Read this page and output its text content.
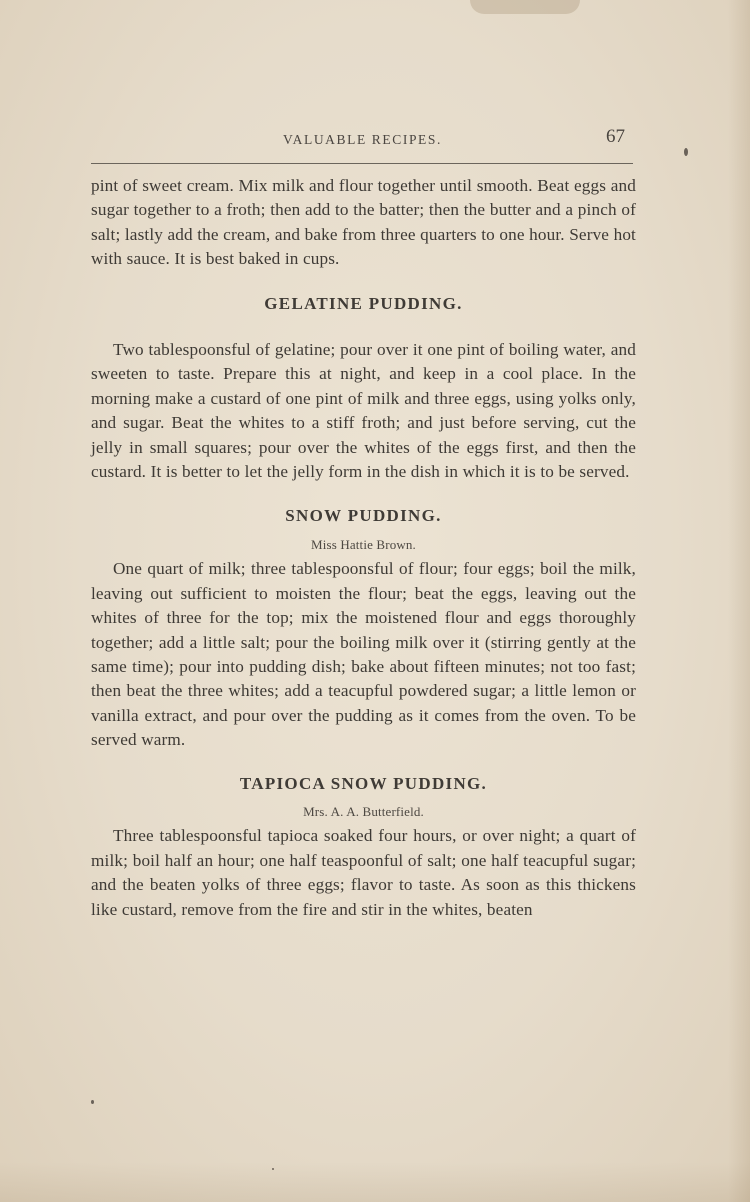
VALUABLE RECIPES.	67

pint of sweet cream. Mix milk and flour together until smooth. Beat eggs and sugar together to a froth; then add to the batter; then the butter and a pinch of salt; lastly add the cream, and bake from three quarters to one hour. Serve hot with sauce. It is best baked in cups.

GELATINE PUDDING.

Two tablespoonsful of gelatine; pour over it one pint of boiling water, and sweeten to taste. Prepare this at night, and keep in a cool place. In the morning make a custard of one pint of milk and three eggs, using yolks only, and sugar. Beat the whites to a stiff froth; and just before serving, cut the jelly in small squares; pour over the whites of the eggs first, and then the custard. It is better to let the jelly form in the dish in which it is to be served.

SNOW PUDDING.

Miss Hattie Brown.

One quart of milk; three tablespoonsful of flour; four eggs; boil the milk, leaving out sufficient to moisten the flour; beat the eggs, leaving out the whites of three for the top; mix the moistened flour and eggs thoroughly together; add a little salt; pour the boiling milk over it (stirring gently at the same time); pour into pudding dish; bake about fifteen minutes; not too fast; then beat the three whites; add a teacupful powdered sugar; a little lemon or vanilla extract, and pour over the pudding as it comes from the oven. To be served warm.

TAPIOCA SNOW PUDDING.

Mrs. A. A. Butterfield.

Three tablespoonsful tapioca soaked four hours, or over night; a quart of milk; boil half an hour; one half teaspoonful of salt; one half teacupful sugar; and the beaten yolks of three eggs; flavor to taste. As soon as this thickens like custard, remove from the fire and stir in the whites, beaten
